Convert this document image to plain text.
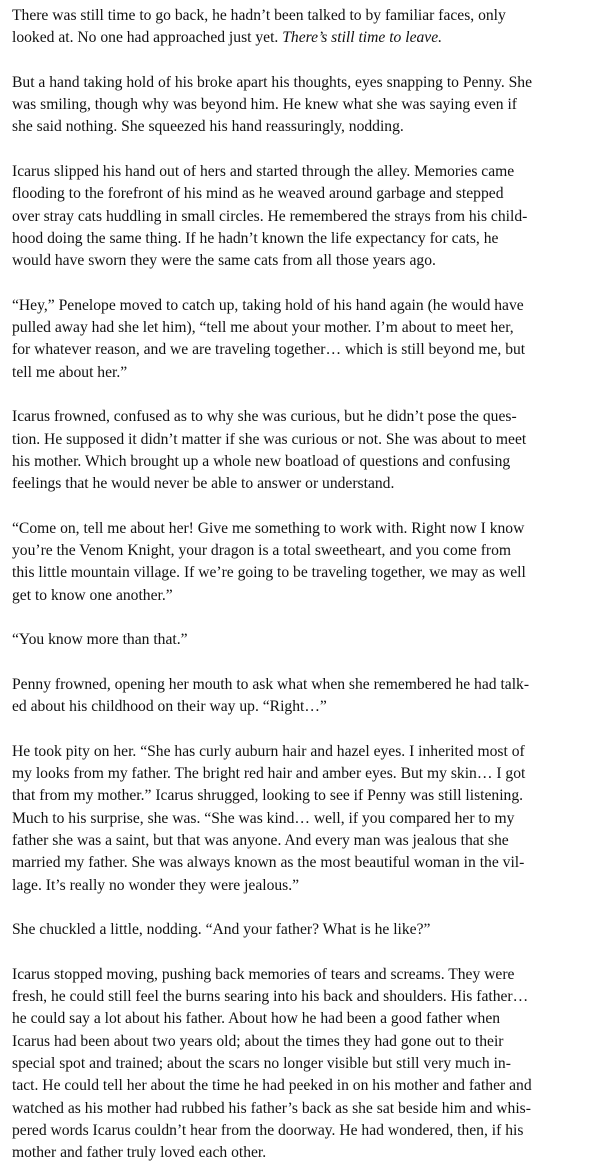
There was still time to go back, he hadn’t been talked to by familiar faces, only
looked at. No one had approached just yet. There’s still time to leave.

But a hand taking hold of his broke apart his thoughts, eyes snapping to Penny. She
was smiling, though why was beyond him. He knew what she was saying even if
she said nothing. She squeezed his hand reassuringly, nodding.

Icarus slipped his hand out of hers and started through the alley. Memories came
flooding to the forefront of his mind as he weaved around garbage and stepped
over stray cats huddling in small circles. He remembered the strays from his child-
hood doing the same thing. If he hadn’t known the life expectancy for cats, he
would have sworn they were the same cats from all those years ago.

“Hey,” Penelope moved to catch up, taking hold of his hand again (he would have
pulled away had she let him), “tell me about your mother. I’m about to meet her,
for whatever reason, and we are traveling together… which is still beyond me, but
tell me about her.”

Icarus frowned, confused as to why she was curious, but he didn’t pose the ques-
tion. He supposed it didn’t matter if she was curious or not. She was about to meet
his mother. Which brought up a whole new boatload of questions and confusing
feelings that he would never be able to answer or understand.

“Come on, tell me about her! Give me something to work with. Right now I know
you’re the Venom Knight, your dragon is a total sweetheart, and you come from
this little mountain village. If we’re going to be traveling together, we may as well
get to know one another.”

“You know more than that.”

Penny frowned, opening her mouth to ask what when she remembered he had talk-
ed about his childhood on their way up. “Right…”

He took pity on her. “She has curly auburn hair and hazel eyes. I inherited most of
my looks from my father. The bright red hair and amber eyes. But my skin… I got
that from my mother.” Icarus shrugged, looking to see if Penny was still listening.
Much to his surprise, she was. “She was kind… well, if you compared her to my
father she was a saint, but that was anyone. And every man was jealous that she
married my father. She was always known as the most beautiful woman in the vil-
lage. It’s really no wonder they were jealous.”

She chuckled a little, nodding. “And your father? What is he like?”

Icarus stopped moving, pushing back memories of tears and screams. They were
fresh, he could still feel the burns searing into his back and shoulders. His father…
he could say a lot about his father. About how he had been a good father when
Icarus had been about two years old; about the times they had gone out to their
special spot and trained; about the scars no longer visible but still very much in-
tact. He could tell her about the time he had peeked in on his mother and father and
watched as his mother had rubbed his father’s back as she sat beside him and whis-
pered words Icarus couldn’t hear from the doorway. He had wondered, then, if his
mother and father truly loved each other.
